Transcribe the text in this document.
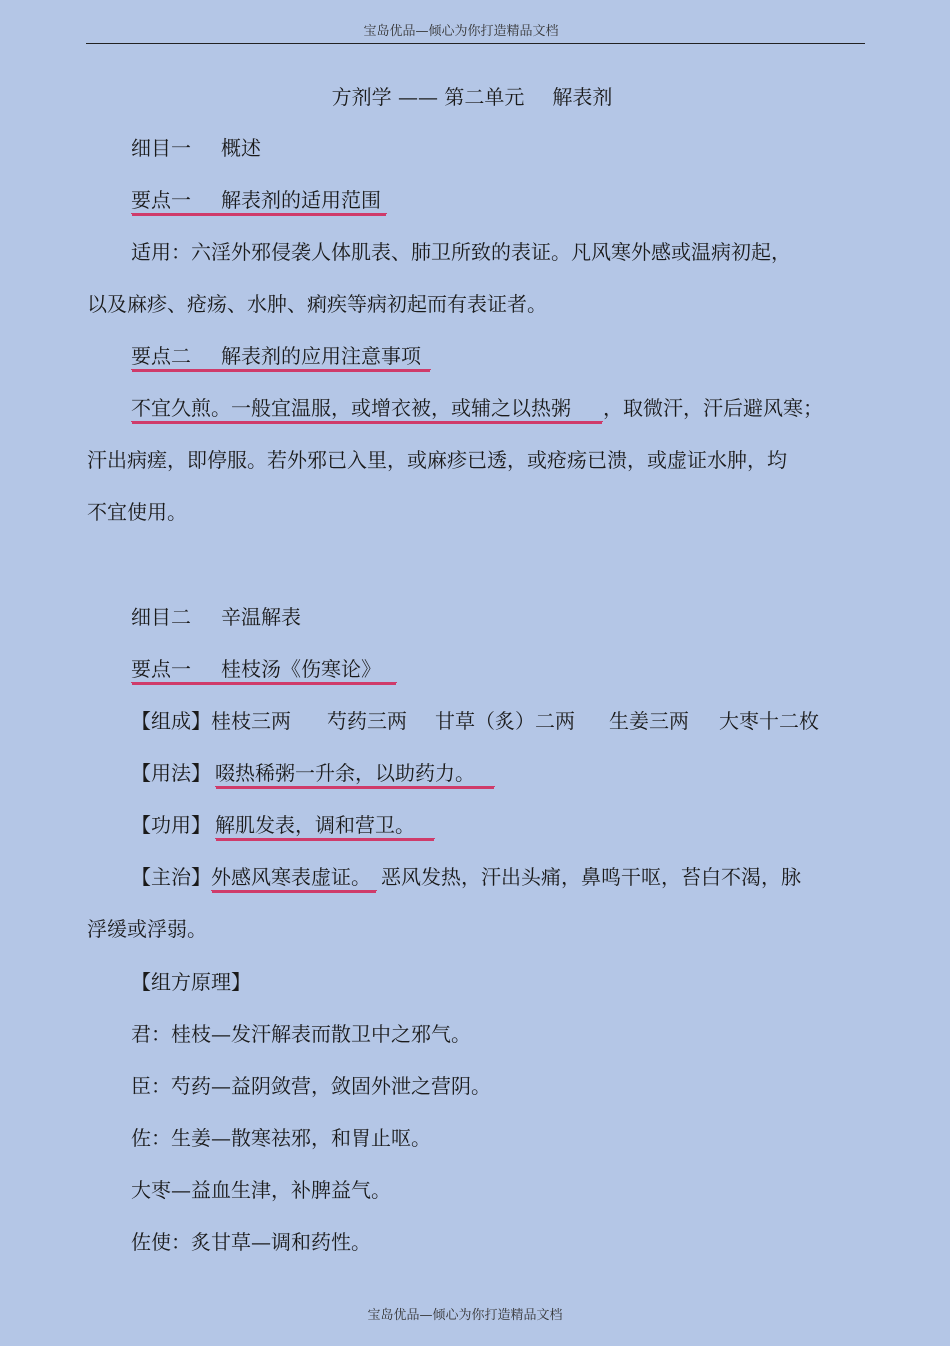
宝岛优品—倾心为你打造精品文档
方剂学 —— 第二单元 解表剂
细目一 概述
要点一 解表剂的适用范围
适用：六淫外邪侵袭人体肌表、肺卫所致的表证。凡风寒外感或温病初起，
以及麻疹、疮疡、水肿、痢疾等病初起而有表证者。
要点二 解表剂的应用注意事项
不宜久煎。一般宜温服，或增衣被，或辅之以热粥 ，取微汗，汗后避风寒；
汗出病瘥，即停服。若外邪已入里，或麻疹已透，或疮疡已溃，或虚证水肿，均
不宜使用。
细目二 辛温解表
要点一 桂枝汤《伤寒论》
【组成】桂枝三两 芍药三两 甘草（炙）二两 生姜三两 大枣十二枚
【用法】 啜热稀粥一升余，以助药力。
【功用】 解肌发表，调和营卫。
【主治】外感风寒表虚证。 恶风发热，汗出头痛，鼻鸣干呕，苔白不渴，脉
浮缓或浮弱。
【组方原理】
君：桂枝—发汗解表而散卫中之邪气。
臣：芍药—益阴敛营，敛固外泄之营阴。
佐：生姜—散寒祛邪，和胃止呕。
大枣—益血生津，补脾益气。
佐使：炙甘草—调和药性。
宝岛优品—倾心为你打造精品文档
